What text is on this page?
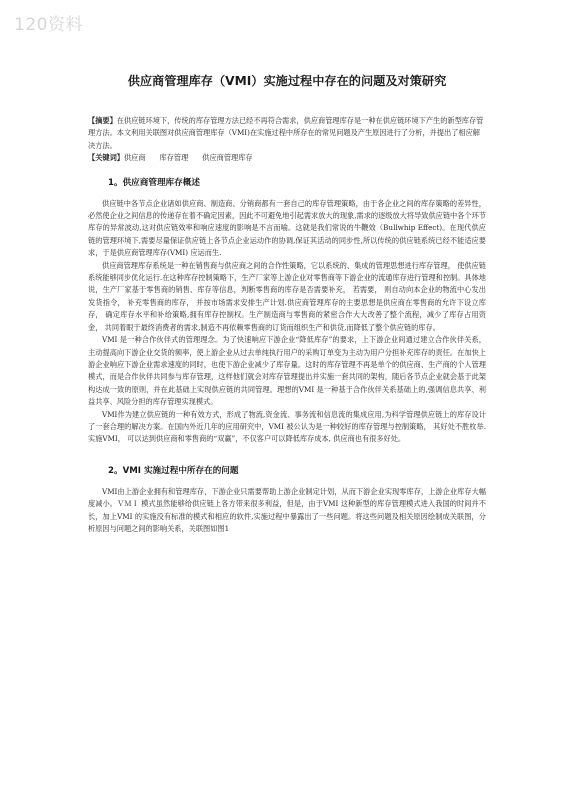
120资料
供应商管理库存（VMI）实施过程中存在的问题及对策研究

【摘要】在供应链环境下，传统的库存管理方法已经不再符合需求，供应商管理库存是一种在供应链环境下产生的新型库存管理方法。本文利用关联图对供应商管理库存（VMI)在实施过程中所存在的常见问题及产生原因进行了分析，并提出了相应解决方法。

【关键词】供应商 库存管理 供应商管理库存

1。供应商管理库存概述

供应链中各节点企业诸如供应商、制造商、分销商都有一套自己的库存管理策略，由于各企业之间的库存策略的差异性，必然使企业之间信息的传递存在着不确定因素，因此不可避免地引起需求放大的现象,需求的逐级放大将导致供应链中各个环节库存的异常波动,这对供应链效率和响应速度的影响是不言而喻。这就是我们常说的牛鞭效（Bullwhip Effect)。在现代供应链的管理环境下,需要尽量保证供应链上各节点企业运动作的协调,保证其活动的同步性,所以传统的供应链系统已经不能适应要求，于是供应商管理库存(VMI) 应运而生.

供应商管理库存系统是一种在销售商与供应商之间的合作性策略，它以系统的、集成的管理思想进行库存管理， 使供应链系统能够同步优化运行.在这种库存控制策略下，生产厂家等上游企业对零售商等下游企业的流通库存进行管理和控制。具体地说，生产厂家基于零售商的销售、库存等信息，判断零售商的库存是否需要补充， 若需要， 则自动向本企业的物流中心发出发货指令， 补充零售商的库存， 并按市场需求安排生产计划.供应商管理库存的主要思想是供应商在零售商的允许下设立库存， 确定库存水平和补给策略,拥有库存控制权。生产制造商与零售商的紧密合作大大改善了整个流程，减少了库存占用资金， 共同着眼于最终消费者的需求,制造不再依赖零售商的订货而组织生产和供货,而降低了整个供应链的库存。

VMI 是一种合作伙伴式的管理理念。为了快速响应下游企业“降低库存”的要求，上下游企业间通过建立合作伙伴关系，主动提高向下游企业交货的频率，使上游企业从过去单纯执行用户的采购订单变为主动为用户分担补充库存的责任。在加快上游企业响应下游企业需求速度的同时，也使下游企业减少了库存量。这时的库存管理不再是单个的供应商、生产商的个人管理模式，而是合作伙伴共同参与库存管理，这样他们就会对库存管理提出并实施一套共同的架构，随后各节点企业就会基于此架构达成一致的原则，并在此基础上实现供应链的共同管理。理想的VMI 是一种基于合作伙伴关系基础上的,强调信息共享、利益共享、风险分担的库存管理实现模式。

VMI作为建立供应链的一种有效方式，形成了物流,资金流、事务流和信息流的集成应用,为科学管理供应链上的库存设计了一套合理的解决方案。在国内外近几年的应用研究中，VMI 被公认为是一种较好的库存管理与控制策略， 其好处不胜枚举.实施VMI， 可以达到供应商和零售商的“双赢”，不仅客户可以降低库存成本, 供应商也有很多好处。

2。VMI 实施过程中所存在的问题

VMI由上游企业拥有和管理库存，下游企业只需要帮助上游企业制定计划，从而下游企业实现零库存，上游企业库存大幅度减小。ＶＭＩ 模式虽然能够给供应链上各方带来很多利益，但是，由于VMI 这种新型的库存管理模式进入我国的时间并不长，加上VMI 的实施没有标准的模式和相应的软件,实施过程中暴露出了一些问题。将这些问题及相关原因绘制成关联图，分析原因与问题之间的影响关系，关联图如图1
